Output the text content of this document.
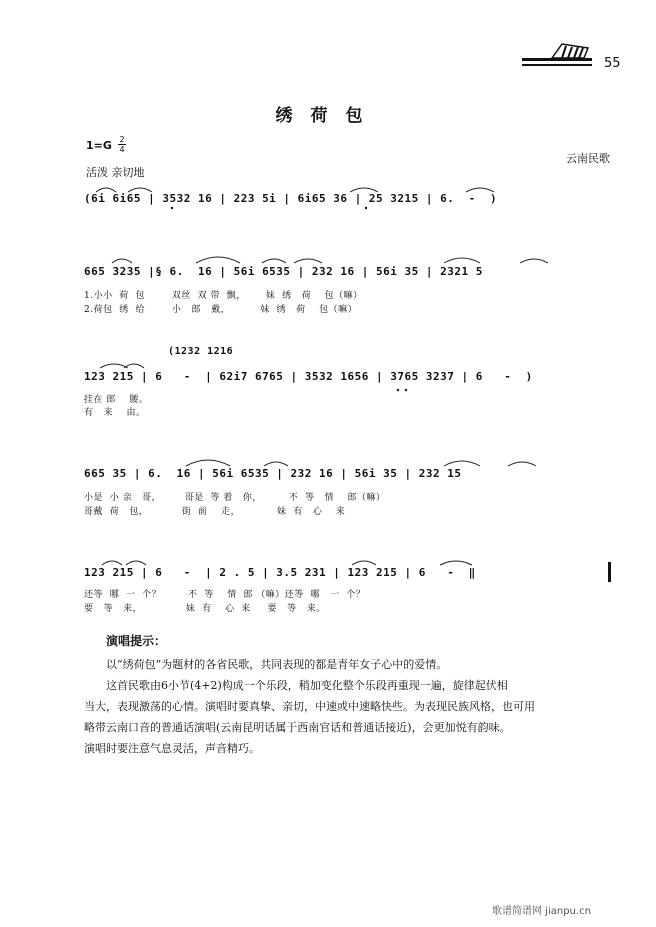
55
绣荷包
1=G 2
4
活泼 亲切地
云南民歌
(6i 6i65 | 3532 16 | 223 5i | 6i65 36 | 25 3215 | 6.  -  )
665 3235 |§ 6.  16 | 56i 6535 | 232 16 | 56i 35 | 2321 5
1.小小  荷  包        双丝  双 带  飘，      妹  绣   荷    包（嘛）
2.荷包  绣  给        小   郎   戴，         妹  绣   荷    包（嘛）
(1232 1216
123 215 | 6   -  | 62i7 6765 | 3532 1656 | 3765 3237 | 6   -  )
挂在 郎    腰。
有   来    由。
665 35 | 6.  16 | 56i 6535 | 232 16 | 56i 35 | 232 15
小是  小 亲   哥，       哥是  等 着   你，        不  等   情    郎（嘛）
哥戴  荷   包，          街  前    走，           妹  有   心    来
123 215 | 6   -  | 2 . 5 | 3.5 231 | 123 215 | 6   -  ‖
还等  哪  一  个？        不  等    情  郎 （嘛）还等  哪   一  个？
要   等   来，             妹  有    心  来     要   等   来。
演唱提示：
以“绣荷包”为题材的各省民歌，共同表现的都是青年女子心中的爱情。
这首民歌由6小节(4+2)构成一个乐段，稍加变化整个乐段再重现一遍，旋律起伏相
当大，表现激荡的心情。演唱时要真挚、亲切，中速或中速略快些。为表现民族风格，也可用
略带云南口音的普通话演唱(云南昆明话属于西南官话和普通话接近)，会更加悦有韵味。
演唱时要注意气息灵活，声音精巧。
歌谱简谱网 jianpu.cn
